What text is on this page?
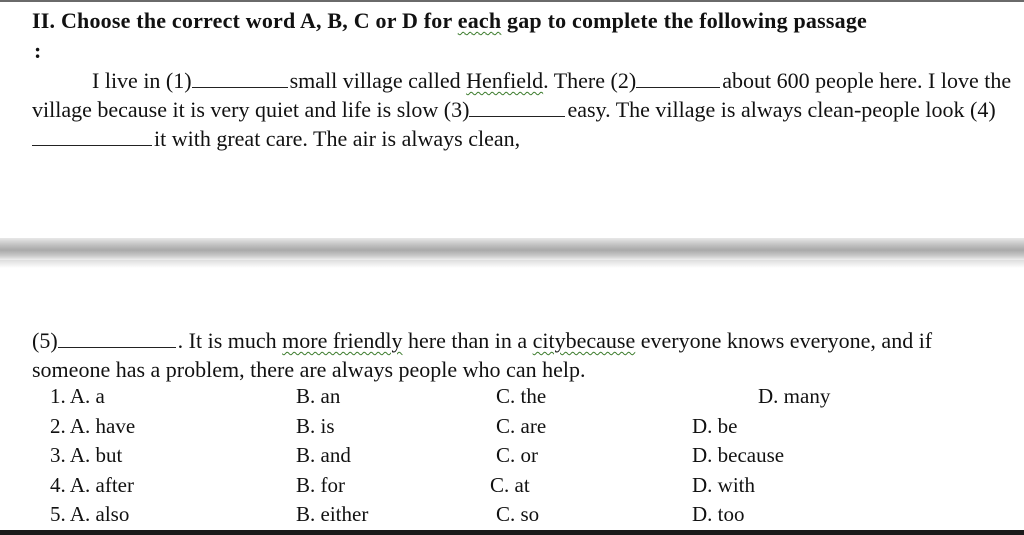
II. Choose the correct word A, B, C or D for each gap to complete the following passage
:
I live in (1)	small village called Henfield. There (2)	about 600 people here. I love the village because it is very quiet and life is slow (3)	easy. The village is always clean-people look (4)it with great care. The air is always clean,
(5)	. It is much more friendly here than in a citybecause everyone knows everyone, and if someone has a problem, there are always people who can help.
1. A. a	B. an	C. the	D. many
2. A. have	B. is	C. are	D. be
3. A. but	B. and	C. or	D. because
4. A. after	B. for	C. at	D. with
5. A. also	B. either	C. so	D. too
